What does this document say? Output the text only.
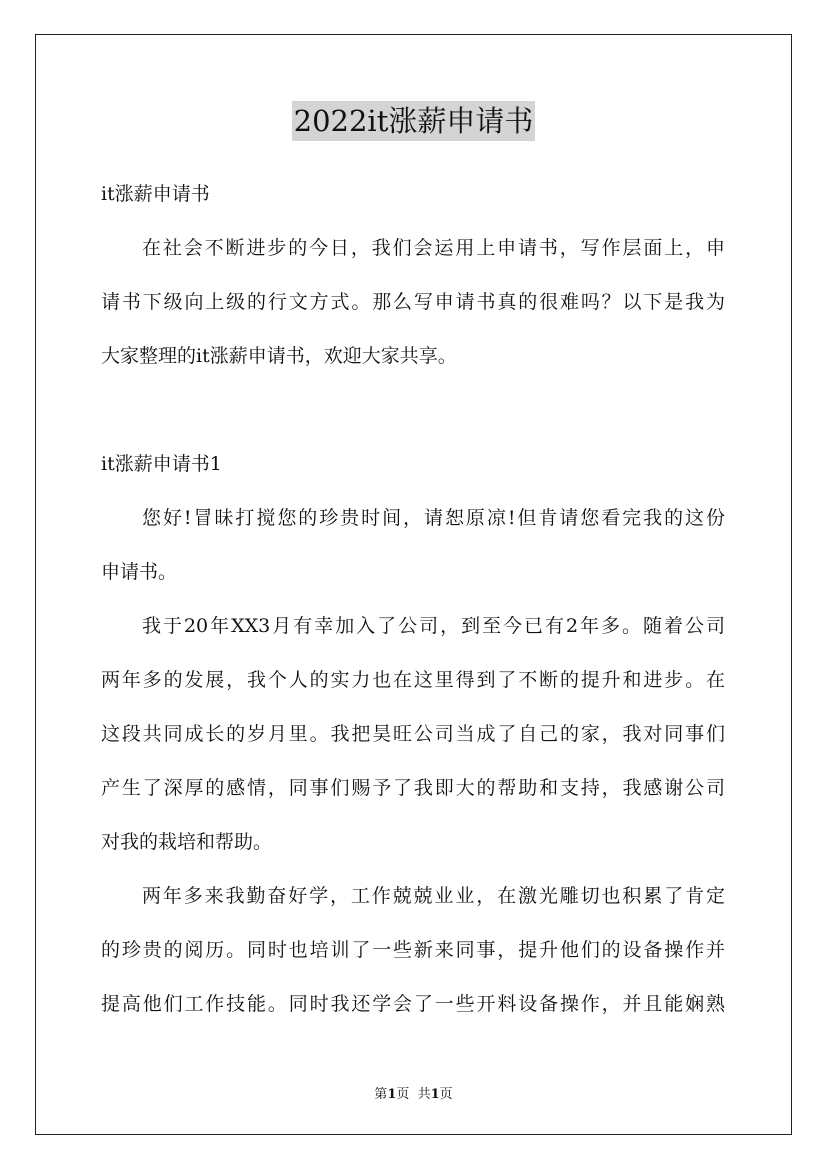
2022it涨薪申请书
it涨薪申请书
在社会不断进步的今日，我们会运用上申请书，写作层面上，申
请书下级向上级的行文方式。那么写申请书真的很难吗？以下是我为
大家整理的it涨薪申请书，欢迎大家共享。
it涨薪申请书1
您好!冒昧打搅您的珍贵时间，请恕原凉!但肯请您看完我的这份
申请书。
我于20年XX3月有幸加入了公司，到至今已有2年多。随着公司
两年多的发展，我个人的实力也在这里得到了不断的提升和进步。在
这段共同成长的岁月里。我把昊旺公司当成了自己的家，我对同事们
产生了深厚的感情，同事们赐予了我即大的帮助和支持，我感谢公司
对我的栽培和帮助。
两年多来我勤奋好学，工作兢兢业业，在激光雕切也积累了肯定
的珍贵的阅历。同时也培训了一些新来同事，提升他们的设备操作并
提高他们工作技能。同时我还学会了一些开料设备操作，并且能娴熟
第1页  共1页
